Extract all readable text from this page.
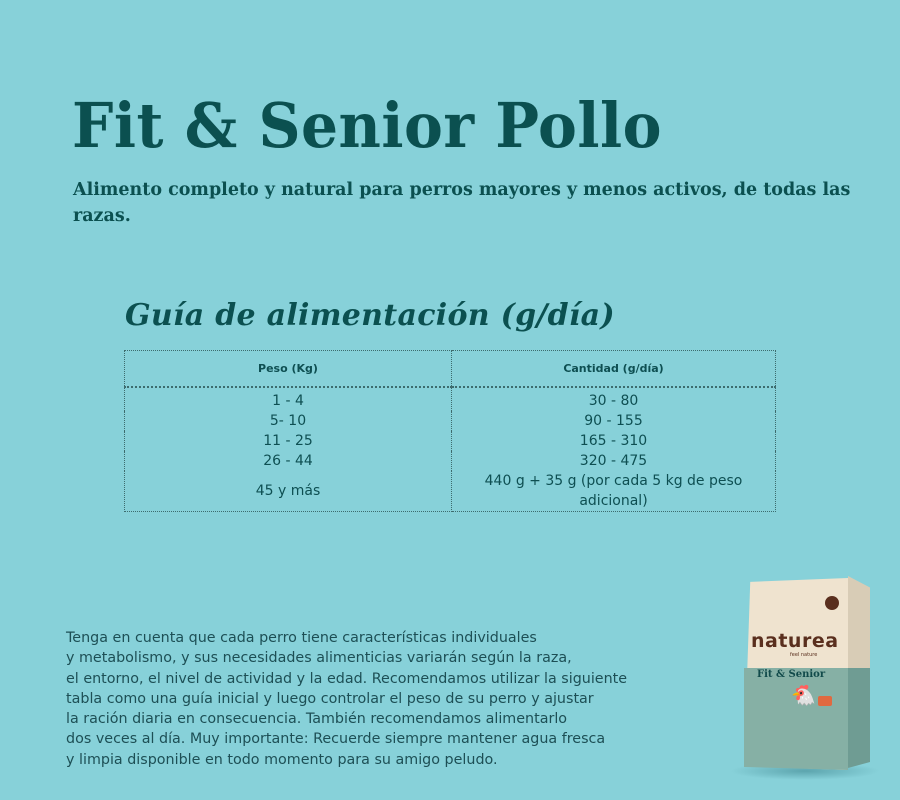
Fit & Senior Pollo

Alimento completo y natural para perros mayores y menos activos, de todas las razas.

Guía de alimentación (g/día)
Peso (Kg)	Cantidad (g/día)
1 - 4	30 - 80
5- 10	90 - 155
11 - 25	165 - 310
26 - 44	320 - 475
45 y más	440 g + 35 g (por cada 5 kg de peso adicional)

Tenga en cuenta que cada perro tiene características individuales
y metabolismo, y sus necesidades alimenticias variarán según la raza,
el entorno, el nivel de actividad y la edad. Recomendamos utilizar la siguiente
tabla como una guía inicial y luego controlar el peso de su perro y ajustar
la ración diaria en consecuencia. También recomendamos alimentarlo
dos veces al día. Muy importante: Recuerde siempre mantener agua fresca
y limpia disponible en todo momento para su amigo peludo.

naturea
feel nature
Fit & Senior
🐔
